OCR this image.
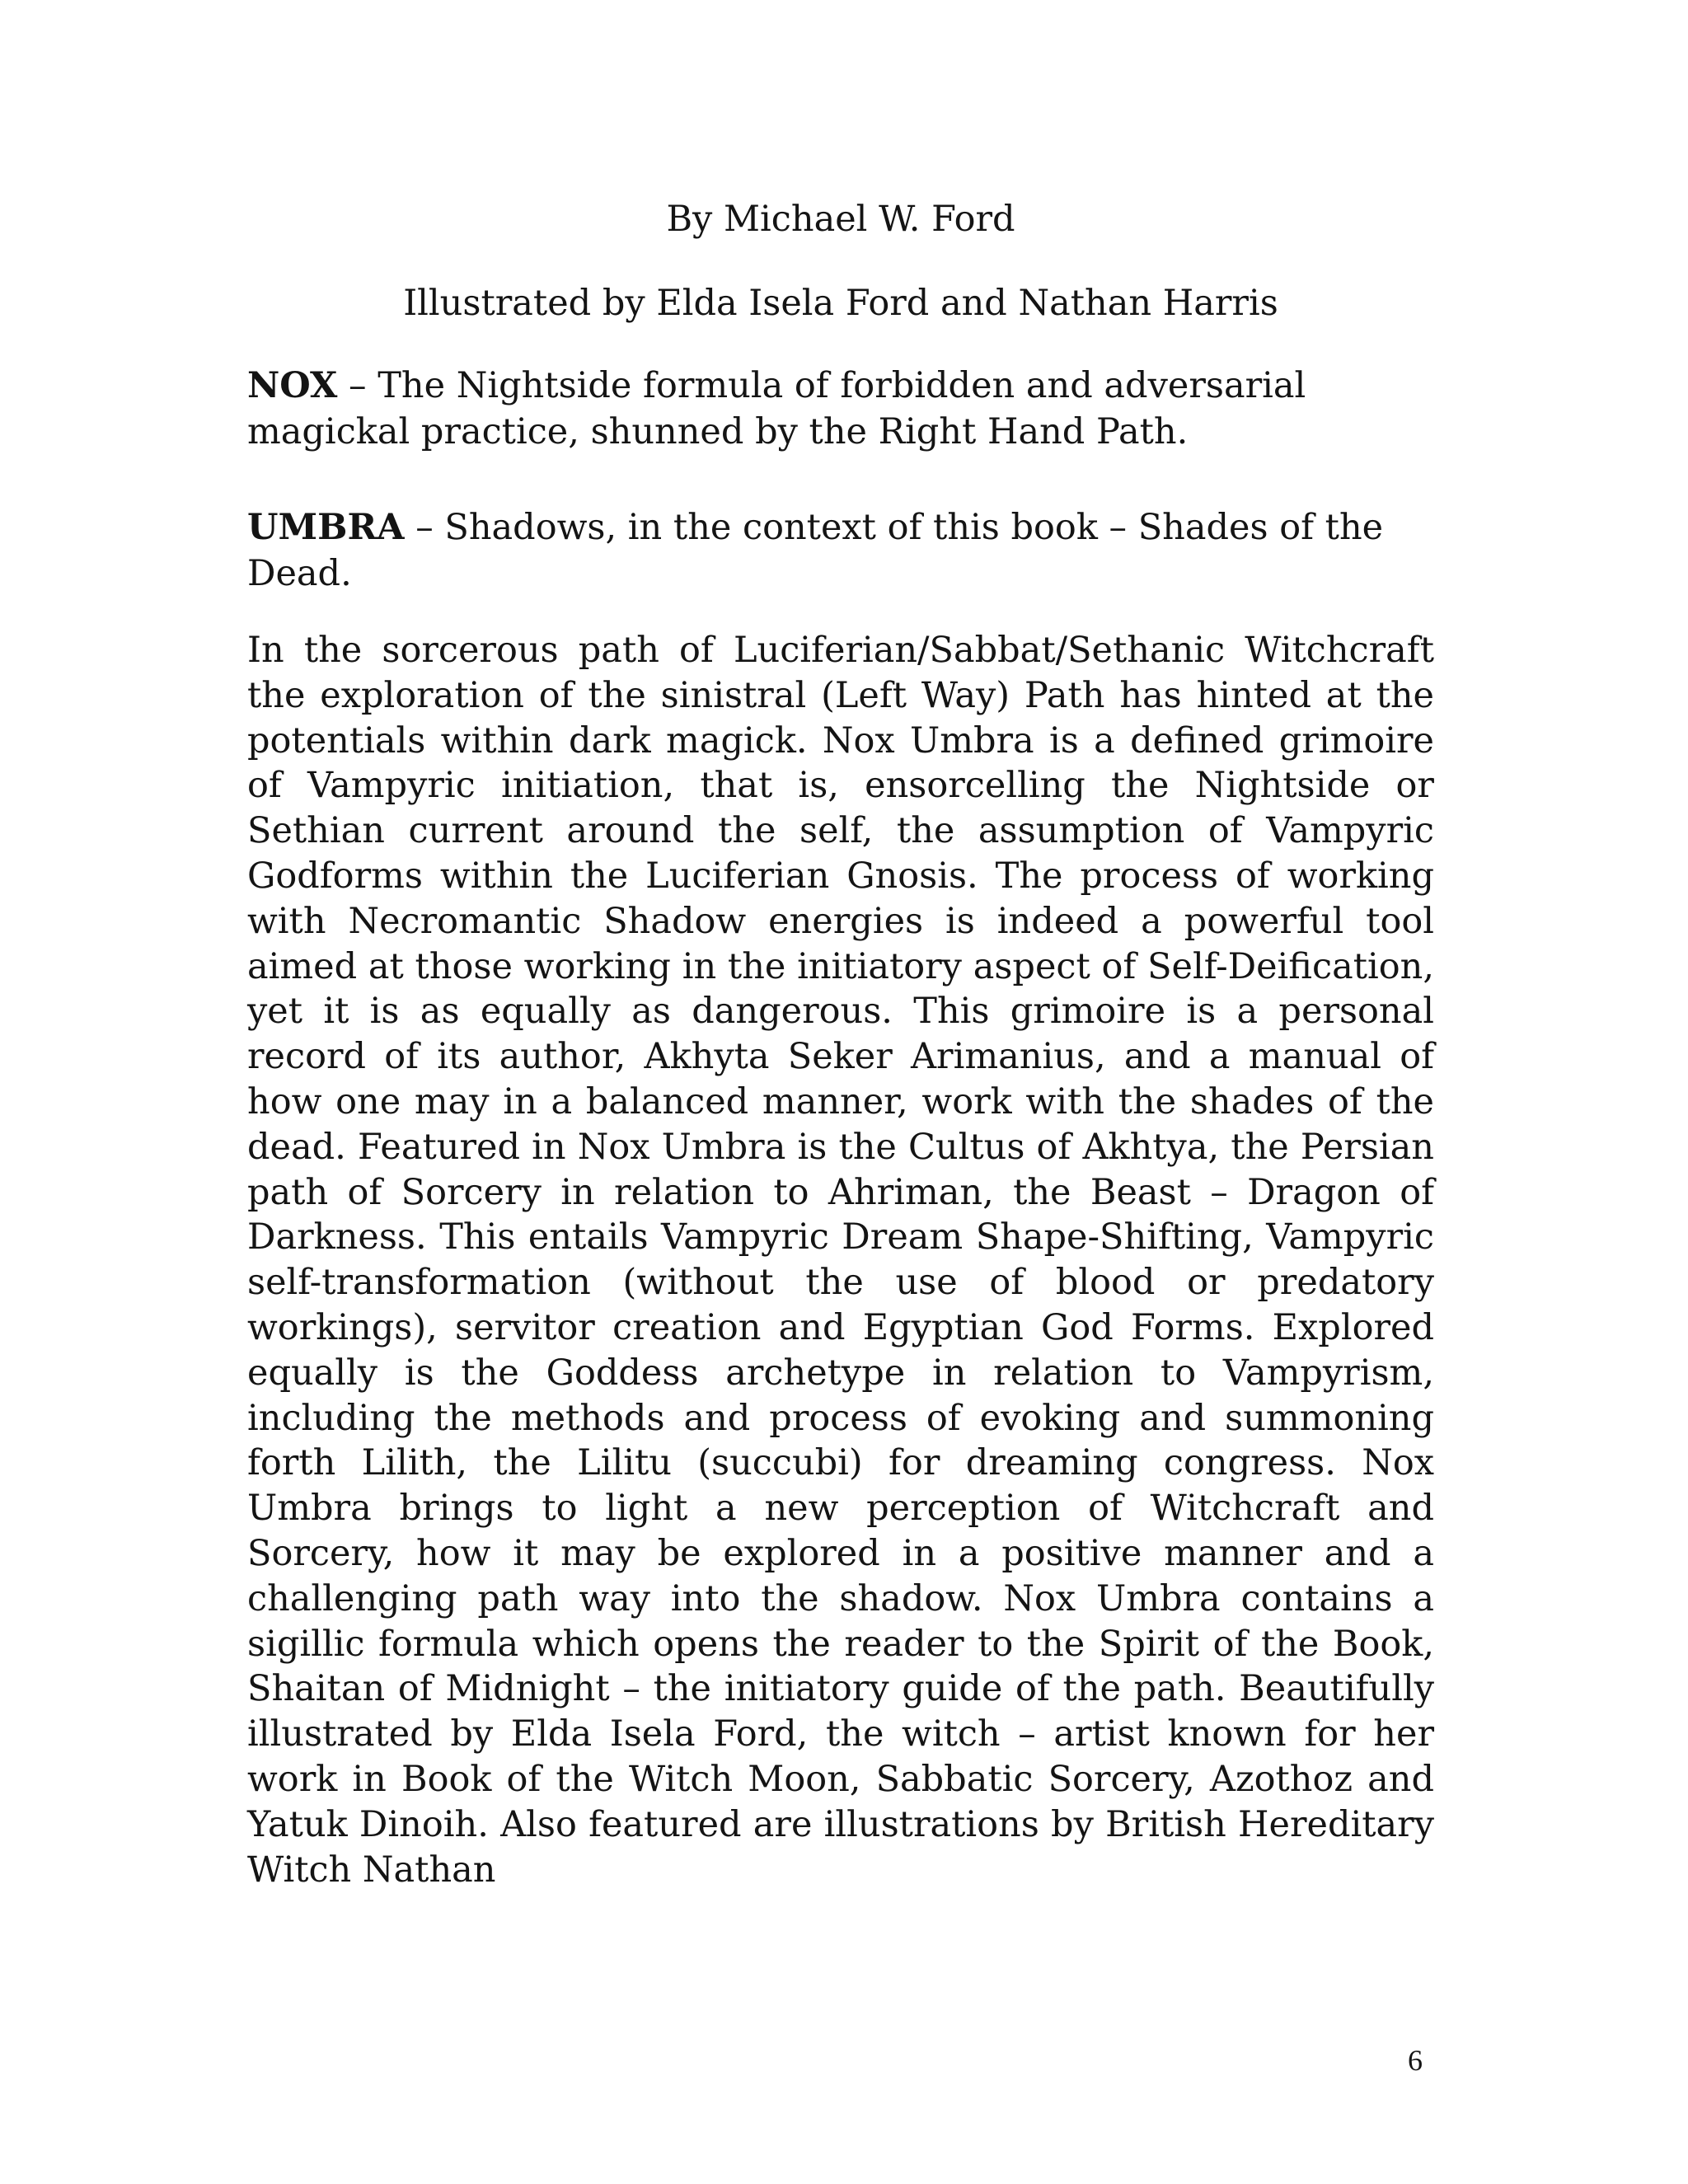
By Michael W. Ford
Illustrated by Elda Isela Ford and Nathan Harris

NOX – The Nightside formula of forbidden and adversarial magickal practice, shunned by the Right Hand Path.

UMBRA – Shadows, in the context of this book – Shades of the Dead.

In the sorcerous path of Luciferian/Sabbat/Sethanic Witchcraft the exploration of the sinistral (Left Way) Path has hinted at the potentials within dark magick. Nox Umbra is a defined grimoire of Vampyric initiation, that is, ensorcelling the Nightside or Sethian current around the self, the assumption of Vampyric Godforms within the Luciferian Gnosis. The process of working with Necromantic Shadow energies is indeed a powerful tool aimed at those working in the initiatory aspect of Self-Deification, yet it is as equally as dangerous. This grimoire is a personal record of its author, Akhyta Seker Arimanius, and a manual of how one may in a balanced manner, work with the shades of the dead. Featured in Nox Umbra is the Cultus of Akhtya, the Persian path of Sorcery in relation to Ahriman, the Beast – Dragon of Darkness. This entails Vampyric Dream Shape-Shifting, Vampyric self-transformation (without the use of blood or predatory workings), servitor creation and Egyptian God Forms. Explored equally is the Goddess archetype in relation to Vampyrism, including the methods and process of evoking and summoning forth Lilith, the Lilitu (succubi) for dreaming congress. Nox Umbra brings to light a new perception of Witchcraft and Sorcery, how it may be explored in a positive manner and a challenging path way into the shadow. Nox Umbra contains a sigillic formula which opens the reader to the Spirit of the Book, Shaitan of Midnight – the initiatory guide of the path. Beautifully illustrated by Elda Isela Ford, the witch – artist known for her work in Book of the Witch Moon, Sabbatic Sorcery, Azothoz and Yatuk Dinoih. Also featured are illustrations by British Hereditary Witch Nathan

6
